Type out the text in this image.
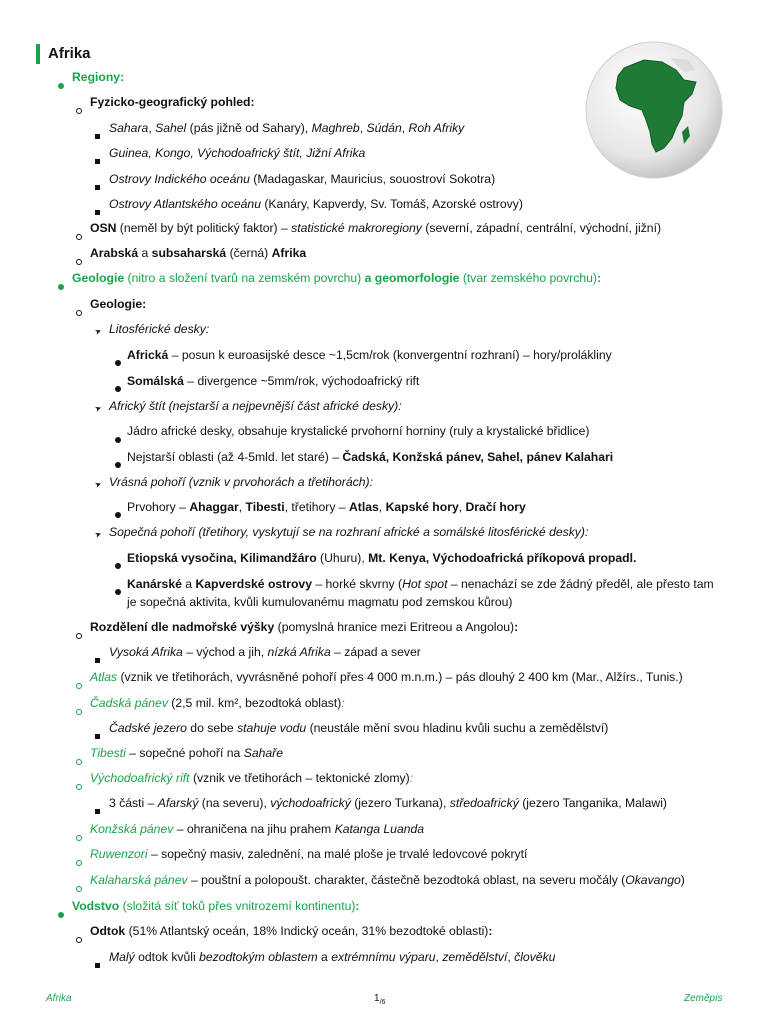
Afrika
Regiony:
Fyzicko-geografický pohled:
Sahara, Sahel (pás jižně od Sahary), Maghreb, Súdán, Roh Afriky
Guinea, Kongo, Východoafrický štít, Jižní Afrika
Ostrovy Indického oceánu (Madagaskar, Mauricius, souostroví Sokotra)
Ostrovy Atlantského oceánu (Kanáry, Kapverdy, Sv. Tomáš, Azorské ostrovy)
OSN (neměl by být politický faktor) – statistické makroregiony (severní, západní, centrální, východní, jižní)
Arabská a subsaharská (černá) Afrika
Geologie (nitro a složení tvarů na zemském povrchu) a geomorfologie (tvar zemského povrchu):
Geologie:
➤ Litosférické desky:
Africká – posun k euroasijské desce ~1,5cm/rok (konvergentní rozhraní) – hory/prolákliny
Somálská – divergence ~5mm/rok, východoafrický rift
➤ Africký štít (nejstarší a nejpevnější část africké desky):
Jádro africké desky, obsahuje krystalické prvohorní horniny (ruly a krystalické břidlice)
Nejstarší oblasti (až 4-5mld. let staré) – Čadská, Konžská pánev, Sahel, pánev Kalahari
➤ Vrásná pohoří (vznik v prvohorách a třetihorách):
Prvohory – Ahaggar, Tibesti, třetihory – Atlas, Kapské hory, Dračí hory
➤ Sopečná pohoří (třetihory, vyskytují se na rozhraní africké a somálské litosférické desky):
Etiopská vysočina, Kilimandžáro (Uhuru), Mt. Kenya, Východoafrická příkopová propadl.
Kanárské a Kapverdské ostrovy – horké skvrny (Hot spot – nenachází se zde žádný předěl, ale přesto tam je sopečná aktivita, kvůli kumulovanému magmatu pod zemskou kůrou)
Rozdělení dle nadmořské výšky (pomyslná hranice mezi Eritreou a Angolou):
Vysoká Afrika – východ a jih, nízká Afrika – západ a sever
Atlas (vznik ve třetihorách, vyvrásněné pohoří přes 4 000 m.n.m.) – pás dlouhý 2 400 km (Mar., Alžírs., Tunis.)
Čadská pánev (2,5 mil. km², bezodtoká oblast):
Čadské jezero do sebe stahuje vodu (neustále mění svou hladinu kvůli suchu a zemědělství)
Tibesti – sopečné pohoří na Sahaře
Východoafrický rift (vznik ve třetihorách – tektonické zlomy):
3 části – Afarský (na severu), východoafrický (jezero Turkana), středoafrický (jezero Tanganika, Malawi)
Konžská pánev – ohraničena na jihu prahem Katanga Luanda
Ruwenzori – sopečný masiv, zalednění, na malé ploše je trvalé ledovcové pokrytí
Kalaharská pánev – pouštní a polopoušt. charakter, částečně bezodtoká oblast, na severu močály (Okavango)
Vodstvo (složitá síť toků přes vnitrozemí kontinentu):
Odtok (51% Atlantský oceán, 18% Indický oceán, 31% bezodtoké oblasti):
Malý odtok kvůli bezodtokým oblastem a extrémnímu výparu, zemědělství, člověku
Afrika	$1_{/6}$	Zeměpis
